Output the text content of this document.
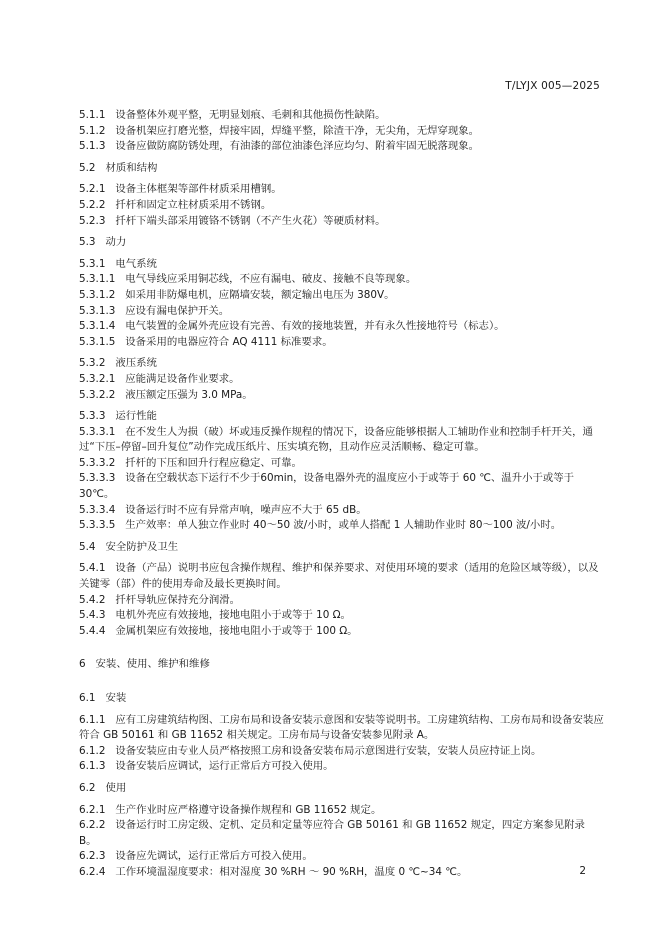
T/LYJX 005—2025

5.1.1 设备整体外观平整，无明显划痕、毛刺和其他损伤性缺陷。

5.1.2 设备机架应打磨光整，焊接牢固，焊缝平整，除渣干净，无尖角，无焊穿现象。

5.1.3 设备应做防腐防锈处理，有油漆的部位油漆色泽应均匀、附着牢固无脱落现象。

5.2 材质和结构

5.2.1 设备主体框架等部件材质采用槽钢。

5.2.2 扦杆和固定立柱材质采用不锈钢。

5.2.3 扦杆下端头部采用镀铬不锈钢（不产生火花）等硬质材料。

5.3 动力

5.3.1 电气系统

5.3.1.1 电气导线应采用铜芯线，不应有漏电、破皮、接触不良等现象。

5.3.1.2 如采用非防爆电机，应隔墙安装，额定输出电压为 380V。

5.3.1.3 应设有漏电保护开关。

5.3.1.4 电气装置的金属外壳应设有完善、有效的接地装置，并有永久性接地符号（标志）。

5.3.1.5 设备采用的电器应符合 AQ 4111 标准要求。

5.3.2 液压系统

5.3.2.1 应能满足设备作业要求。

5.3.2.2 液压额定压强为 3.0 MPa。

5.3.3 运行性能

5.3.3.1 在不发生人为损（破）坏或违反操作规程的情况下，设备应能够根据人工辅助作业和控制手杆开关，通过“下压–停留–回升复位”动作完成压纸片、压实填充物，且动作应灵活顺畅、稳定可靠。

5.3.3.2 扦杆的下压和回升行程应稳定、可靠。

5.3.3.3 设备在空载状态下运行不少于60min，设备电器外壳的温度应小于或等于 60 ℃、温升小于或等于 30℃。

5.3.3.4 设备运行时不应有异常声响，噪声应不大于 65 dB。

5.3.3.5 生产效率：单人独立作业时 40～50 波/小时，或单人搭配 1 人辅助作业时 80～100 波/小时。

5.4 安全防护及卫生

5.4.1 设备（产品）说明书应包含操作规程、维护和保养要求、对使用环境的要求（适用的危险区域等级），以及关键零（部）件的使用寿命及最长更换时间。

5.4.2 扦杆导轨应保持充分润滑。

5.4.3 电机外壳应有效接地，接地电阻小于或等于 10 Ω。

5.4.4 金属机架应有效接地，接地电阻小于或等于 100 Ω。

6 安装、使用、维护和维修

6.1 安装

6.1.1 应有工房建筑结构图、工房布局和设备安装示意图和安装等说明书。工房建筑结构、工房布局和设备安装应符合 GB 50161 和 GB 11652 相关规定。工房布局与设备安装参见附录 A。

6.1.2 设备安装应由专业人员严格按照工房和设备安装布局示意图进行安装，安装人员应持证上岗。

6.1.3 设备安装后应调试，运行正常后方可投入使用。

6.2 使用

6.2.1 生产作业时应严格遵守设备操作规程和 GB 11652 规定。

6.2.2 设备运行时工房定级、定机、定员和定量等应符合 GB 50161 和 GB 11652 规定，四定方案参见附录 B。

6.2.3 设备应先调试，运行正常后方可投入使用。

6.2.4 工作环境温湿度要求：相对湿度 30 %RH ～ 90 %RH，温度 0 ℃~34 ℃。	2
